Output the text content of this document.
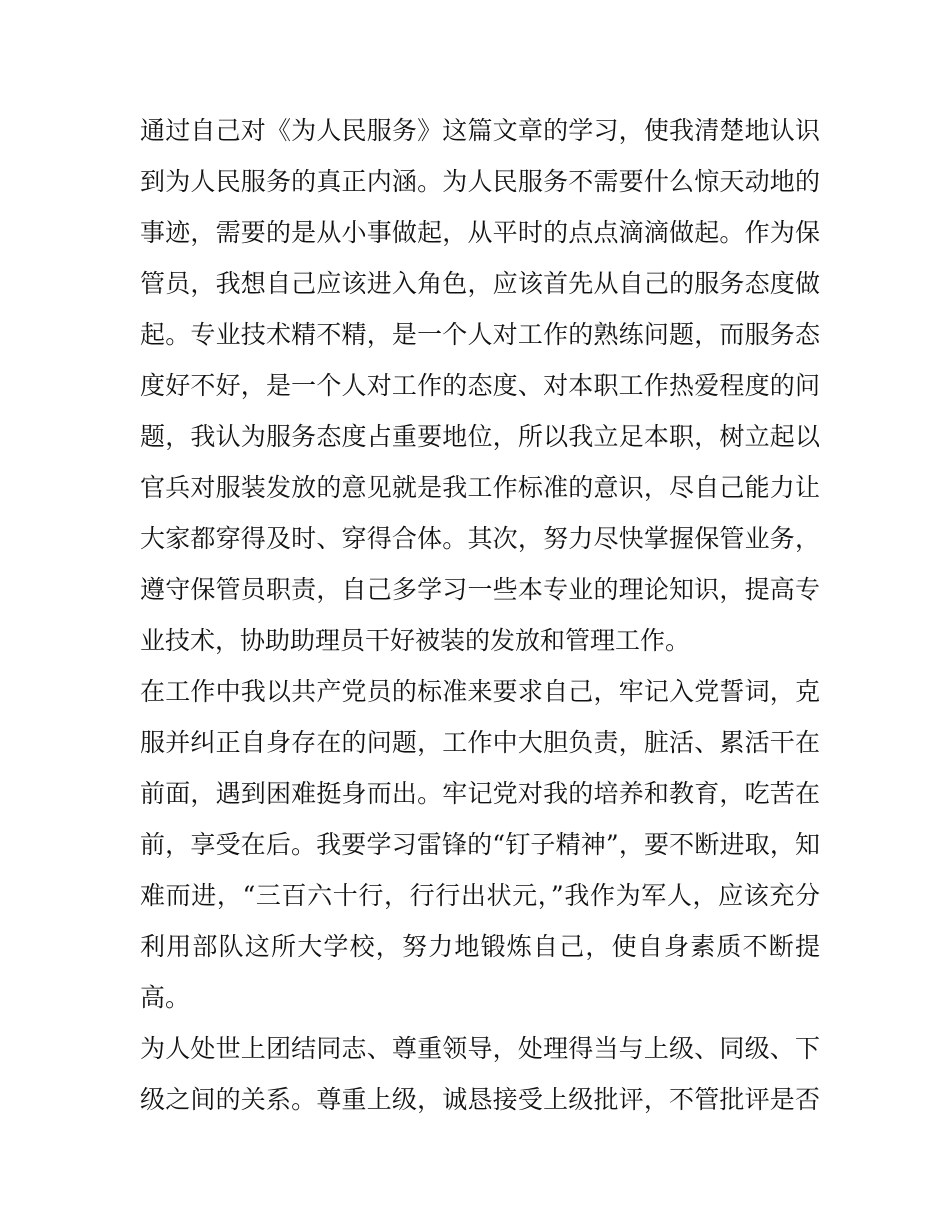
通过自己对《为人民服务》这篇文章的学习，使我清楚地认识
到为人民服务的真正内涵。为人民服务不需要什么惊天动地的
事迹，需要的是从小事做起，从平时的点点滴滴做起。作为保
管员，我想自己应该进入角色，应该首先从自己的服务态度做
起。专业技术精不精，是一个人对工作的熟练问题，而服务态
度好不好，是一个人对工作的态度、对本职工作热爱程度的问
题，我认为服务态度占重要地位，所以我立足本职，树立起以
官兵对服装发放的意见就是我工作标准的意识，尽自己能力让
大家都穿得及时、穿得合体。其次，努力尽快掌握保管业务，
遵守保管员职责，自己多学习一些本专业的理论知识，提高专
业技术，协助助理员干好被装的发放和管理工作。
在工作中我以共产党员的标准来要求自己，牢记入党誓词，克
服并纠正自身存在的问题，工作中大胆负责，脏活、累活干在
前面，遇到困难挺身而出。牢记党对我的培养和教育，吃苦在
前，享受在后。我要学习雷锋的“钉子精神”，要不断进取，知
难而进，“三百六十行，行行出状元，”我作为军人，应该充分
利用部队这所大学校，努力地锻炼自己，使自身素质不断提
高。
为人处世上团结同志、尊重领导，处理得当与上级、同级、下
级之间的关系。尊重上级，诚恳接受上级批评，不管批评是否
